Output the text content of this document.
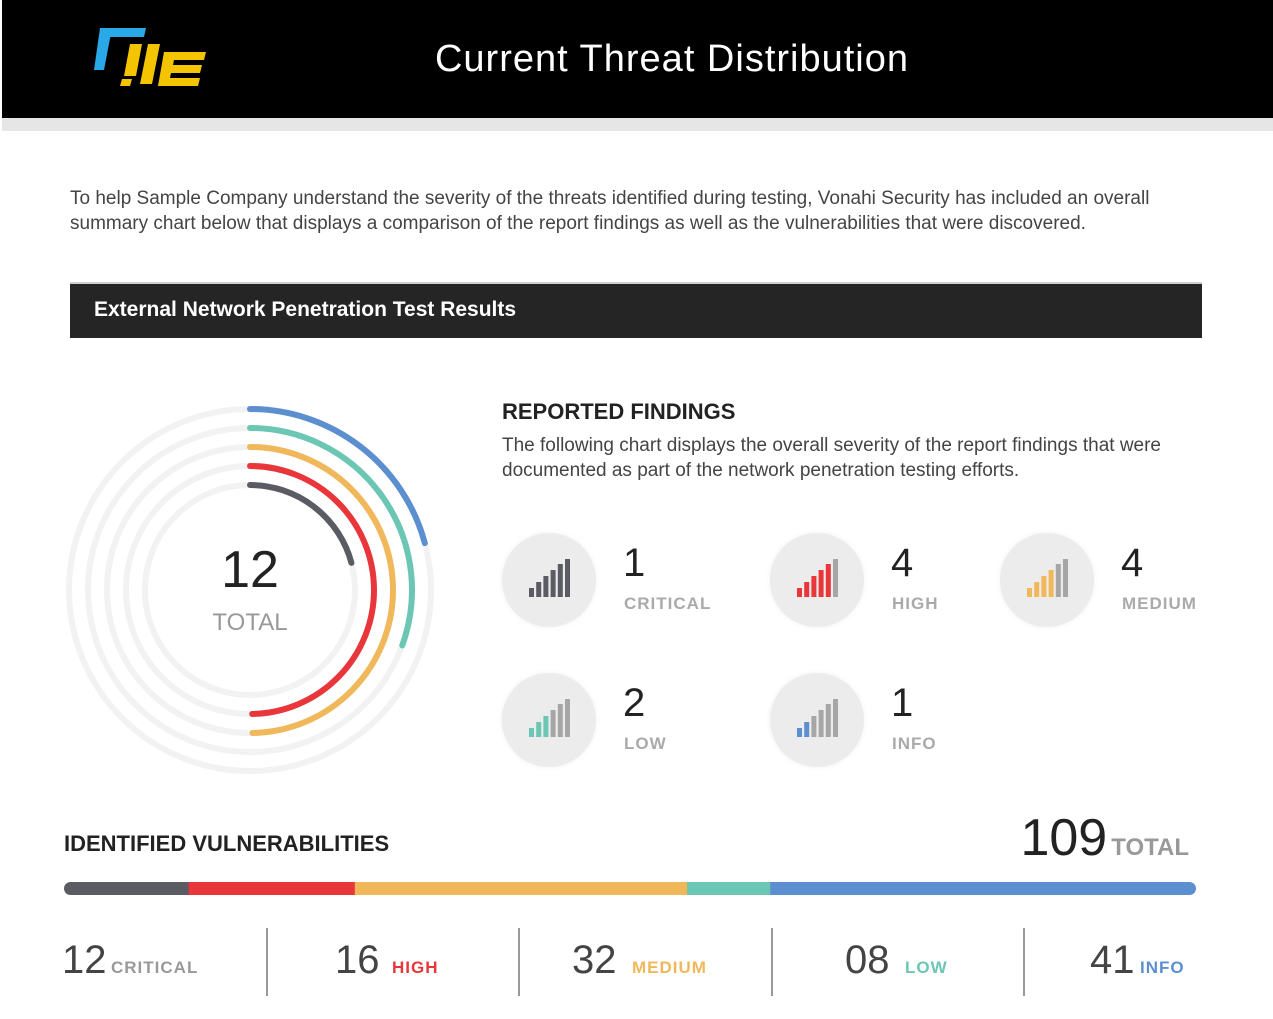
Current Threat Distribution
To help Sample Company understand the severity of the threats identified during testing, Vonahi Security has included an overall summary chart below that displays a comparison of the report findings as well as the vulnerabilities that were discovered.
External Network Penetration Test Results
12
TOTAL
REPORTED FINDINGS
The following chart displays the overall severity of the report findings that were documented as part of the network penetration testing efforts.
1
CRITICAL
4
HIGH
4
MEDIUM
2
LOW
1
INFO
IDENTIFIED VULNERABILITIES	109 TOTAL
12 CRITICAL	16 HIGH	32 MEDIUM	08 LOW	41 INFO
